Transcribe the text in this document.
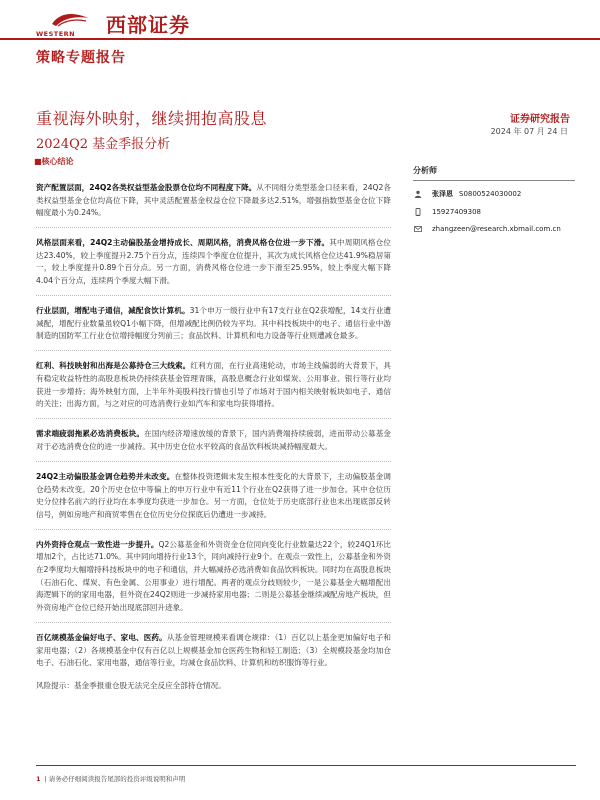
WESTERN 西部证券
策略专题报告
重视海外映射，继续拥抱高股息
2024Q2 基金季报分析
■核心结论
证券研究报告
2024 年 07 月 24 日
分析师
张泽恩 S0800524030002
15927409308
zhangzeen@research.xbmail.com.cn

资产配置层面，24Q2各类权益型基金股票仓位均不同程度下降。从不同细分类型基金口径来看，24Q2各类权益型基金仓位均高位下降，其中灵活配置基金权益仓位下降最多达2.51%，增强指数型基金仓位下降幅度最小为0.24%。

风格层面来看，24Q2主动偏股基金增持成长、周期风格，消费风格仓位进一步下滑。其中周期风格仓位达23.40%，较上季度提升2.75个百分点，连续四个季度仓位提升，其次为成长风格仓位达41.9%稳居第一，较上季度提升0.89个百分点。另一方面，消费风格仓位进一步下滑至25.95%，较上季度大幅下降4.04个百分点，连续两个季度大幅下滑。

行业层面，增配电子通信，减配食饮计算机。31个申万一级行业中有17支行业在Q2获增配，14支行业遭减配，增配行业数量虽较Q1小幅下降，但增减配比例仍较为平均。其中科技板块中的电子、通信行业中游制造的国防军工行业仓位增持幅度分列前三；食品饮料、计算机和电力设备等行业则遭减仓最多。

红利、科技映射和出海是公募持仓三大线索。红利方面，在行业高速轮动，市场主线偏弱的大背景下，具有稳定收益特性的高股息板块仍持续获基金管理青睐，高股息概念行业如煤炭、公用事业、银行等行业均获进一步增持；海外映射方面，上半年外美股科技行情也引导了市场对于国内相关映射板块如电子、通信的关注；出海方面，与之对应的可选消费行业如汽车和家电均获得增持。

需求端疲弱拖累必选消费板块。在国内经济增速放缓的背景下，国内消费端持续疲弱，进而带动公募基金对于必选消费仓位的进一步减持。其中历史仓位水平较高的食品饮料板块减持幅度最大。

24Q2主动偏股基金调仓趋势并未改变。在整体投资逻辑未发生根本性变化的大背景下，主动偏股基金调仓趋势未改变。20个历史仓位中等偏上的申万行业中有近11个行业在Q2获得了进一步加仓。其中仓位历史分位排名前六的行业均在本季度均获进一步加仓。另一方面，仓位处于历史底部行业也未出现底部反转信号，例如房地产和商贸零售在仓位历史分位探底后仍遭进一步减持。

内外资持仓观点一致性进一步提升。Q2公募基金和外资资金仓位同向变化行业数量达22个，较24Q1环比增加2个，占比达71.0%。其中同向增持行业13个，同向减持行业9个。在观点一致性上，公募基金和外资在2季度均大幅增持科技板块中的电子和通信，并大幅减持必选消费如食品饮料板块。同时均在高股息板块（石油石化、煤炭、有色金属、公用事业）进行增配。两者的观点分歧则较少，一是公募基金大幅增配出海逻辑下的的家用电器，但外资在24Q2则进一步减持家用电器；二则是公募基金继续减配房地产板块，但外资房地产仓位已经开始出现底部回升迹象。

百亿规模基金偏好电子、家电、医药。从基金管理规模来看调仓规律：（1）百亿以上基金更加偏好电子和家用电器；（2）各规模基金中仅有百亿以上规模基金加仓医药生物和轻工制造；（3）全规模段基金均加仓电子、石油石化、家用电器，通信等行业，均减仓食品饮料、计算机和纺织服饰等行业。

风险提示：基金季报重仓股无法完全反应全部持仓情况。

1 | 请务必仔细阅读报告尾部的投资评级说明和声明
